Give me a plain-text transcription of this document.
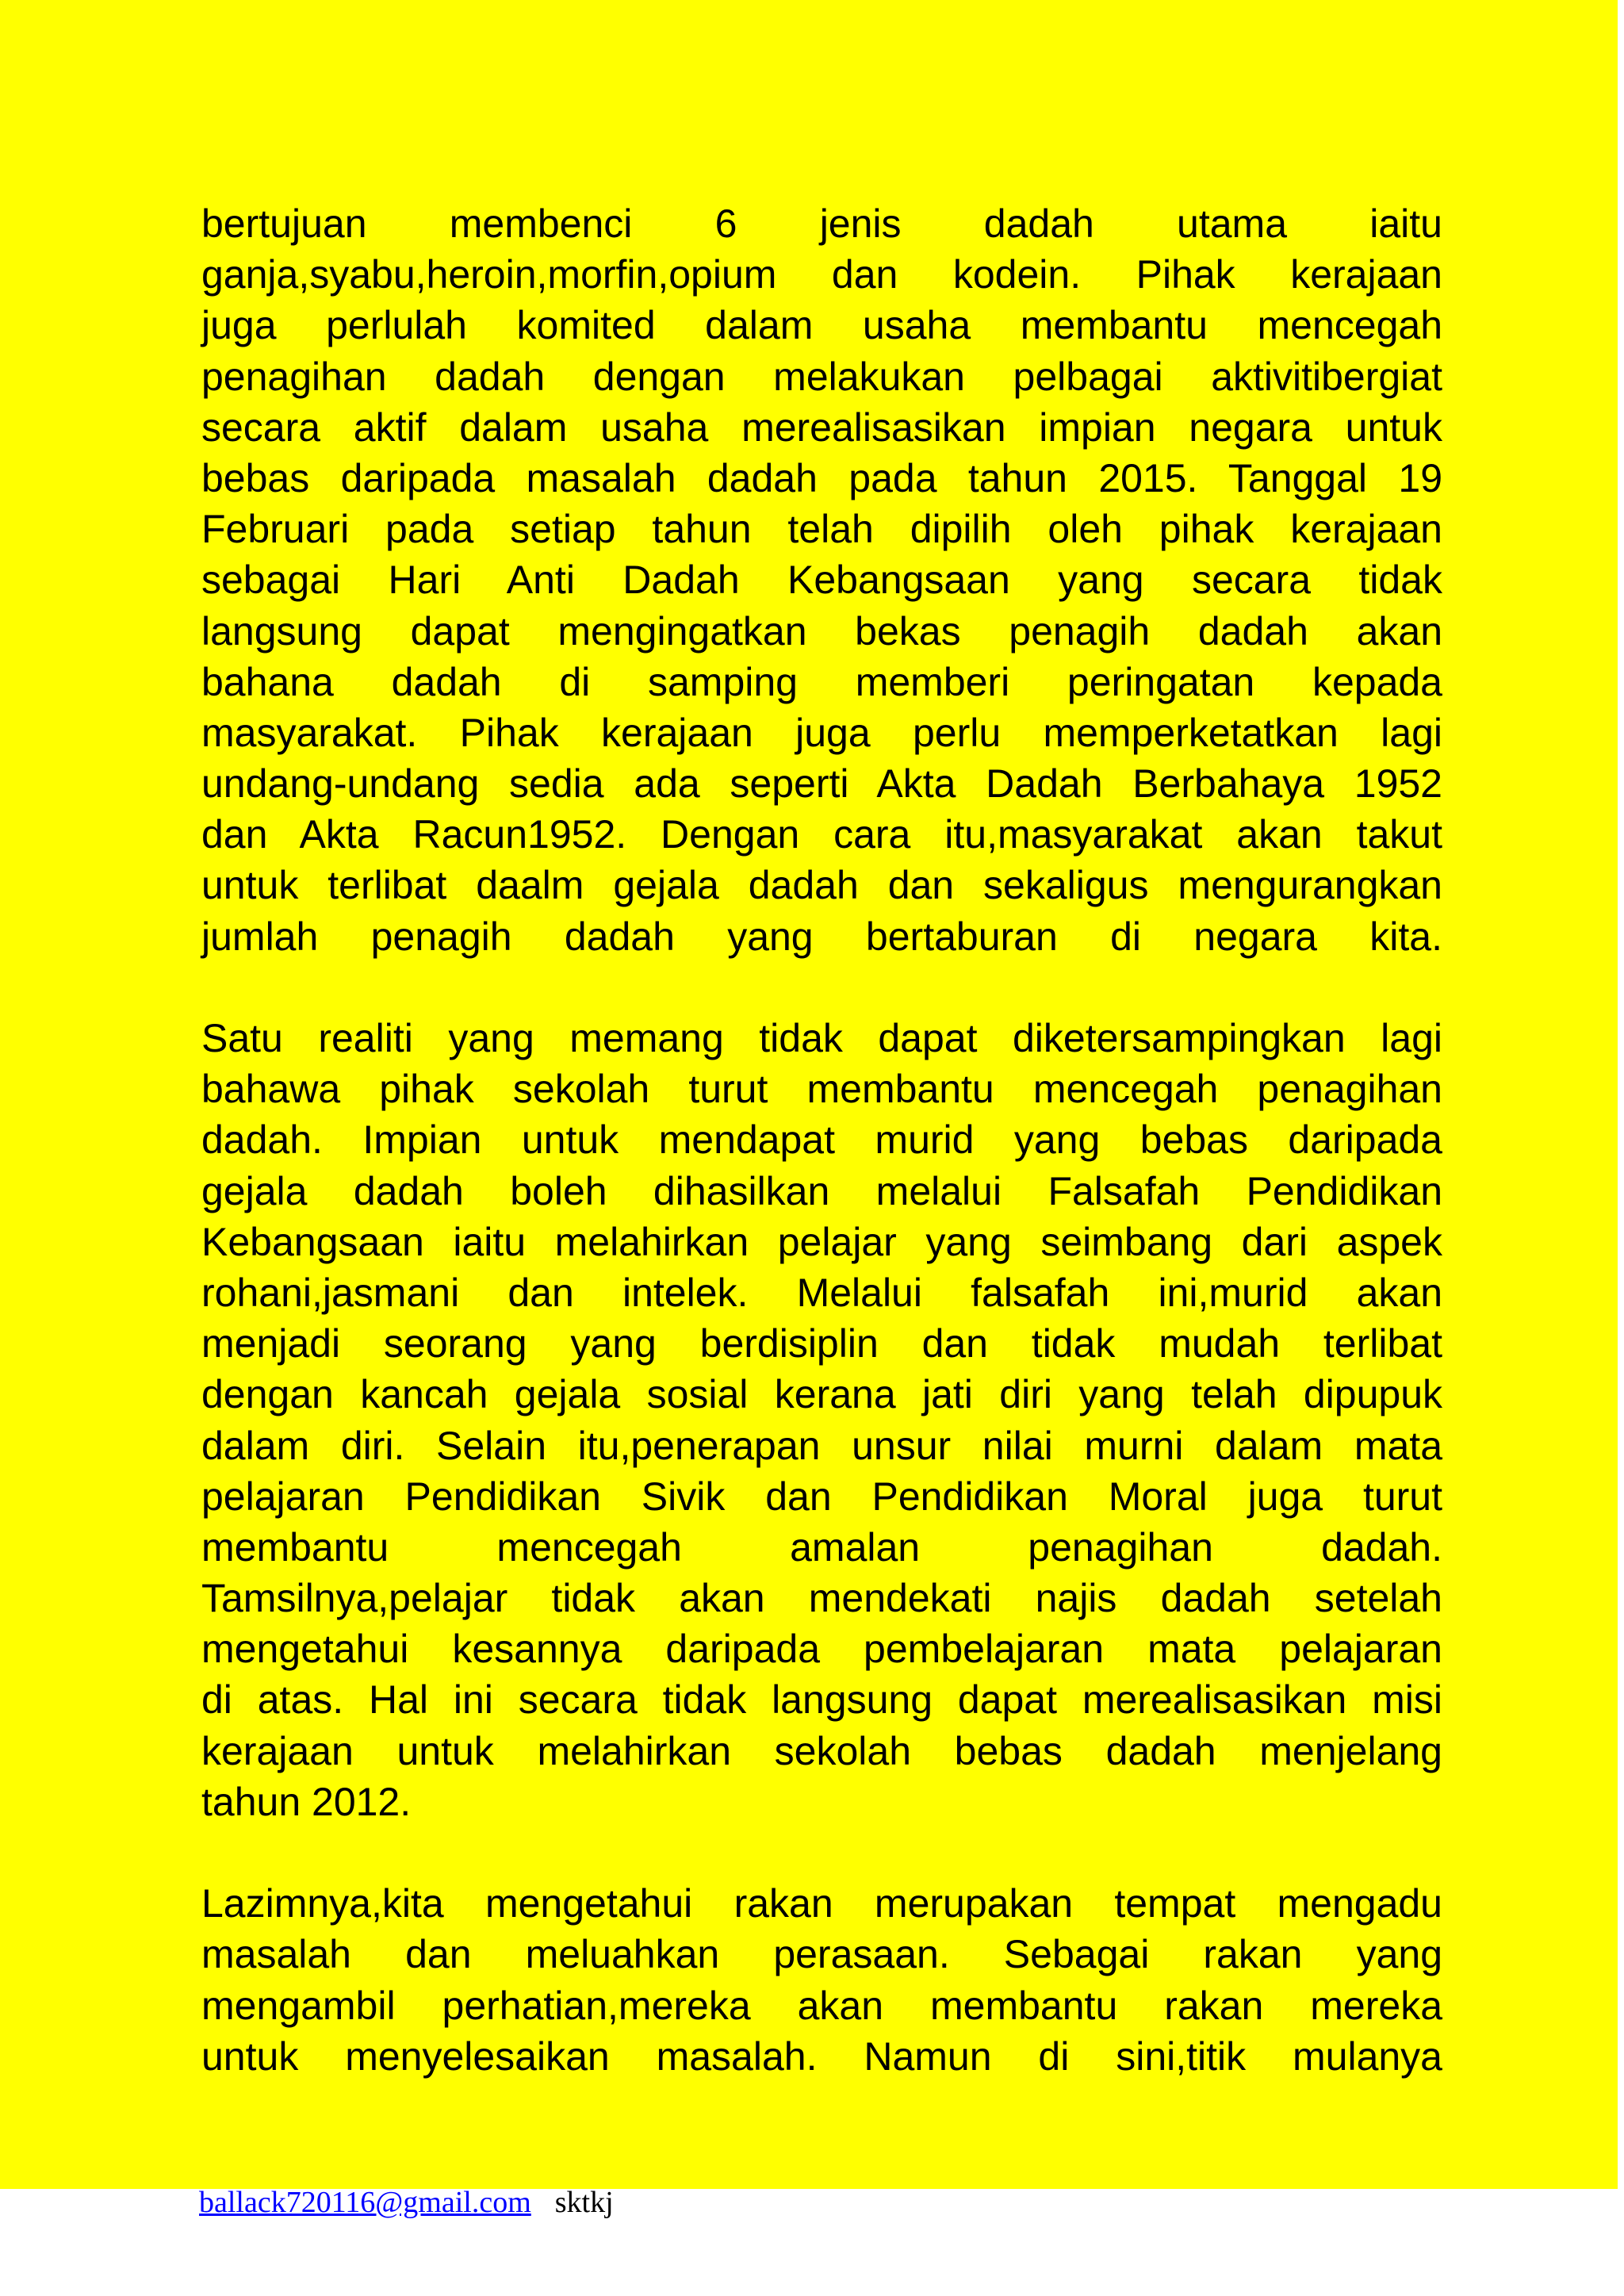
bertujuan membenci 6 jenis dadah utama iaitu
ganja,syabu,heroin,morfin,opium dan kodein. Pihak kerajaan
juga perlulah komited dalam usaha membantu mencegah
penagihan dadah dengan melakukan pelbagai aktivitibergiat
secara aktif dalam usaha merealisasikan impian negara untuk
bebas daripada masalah dadah pada tahun 2015. Tanggal 19
Februari pada setiap tahun telah dipilih oleh pihak kerajaan
sebagai Hari Anti Dadah Kebangsaan yang secara tidak
langsung dapat mengingatkan bekas penagih dadah akan
bahana dadah di samping memberi peringatan kepada
masyarakat. Pihak kerajaan juga perlu memperketatkan lagi
undang-undang sedia ada seperti Akta Dadah Berbahaya 1952
dan Akta Racun1952. Dengan cara itu,masyarakat akan takut
untuk terlibat daalm gejala dadah dan sekaligus mengurangkan
jumlah penagih dadah yang bertaburan di negara kita.
Satu realiti yang memang tidak dapat diketersampingkan lagi
bahawa pihak sekolah turut membantu mencegah penagihan
dadah. Impian untuk mendapat murid yang bebas daripada
gejala dadah boleh dihasilkan melalui Falsafah Pendidikan
Kebangsaan iaitu melahirkan pelajar yang seimbang dari aspek
rohani,jasmani dan intelek. Melalui falsafah ini,murid akan
menjadi seorang yang berdisiplin dan tidak mudah terlibat
dengan kancah gejala sosial kerana jati diri yang telah dipupuk
dalam diri. Selain itu,penerapan unsur nilai murni dalam mata
pelajaran Pendidikan Sivik dan Pendidikan Moral juga turut
membantu mencegah amalan penagihan dadah.
Tamsilnya,pelajar tidak akan mendekati najis dadah setelah
mengetahui kesannya daripada pembelajaran mata pelajaran
di atas. Hal ini secara tidak langsung dapat merealisasikan misi
kerajaan untuk melahirkan sekolah bebas dadah menjelang
tahun 2012.
Lazimnya,kita mengetahui rakan merupakan tempat mengadu
masalah dan meluahkan perasaan. Sebagai rakan yang
mengambil perhatian,mereka akan membantu rakan mereka
untuk menyelesaikan masalah. Namun di sini,titik mulanya
ballack720116@gmail.com sktkj
